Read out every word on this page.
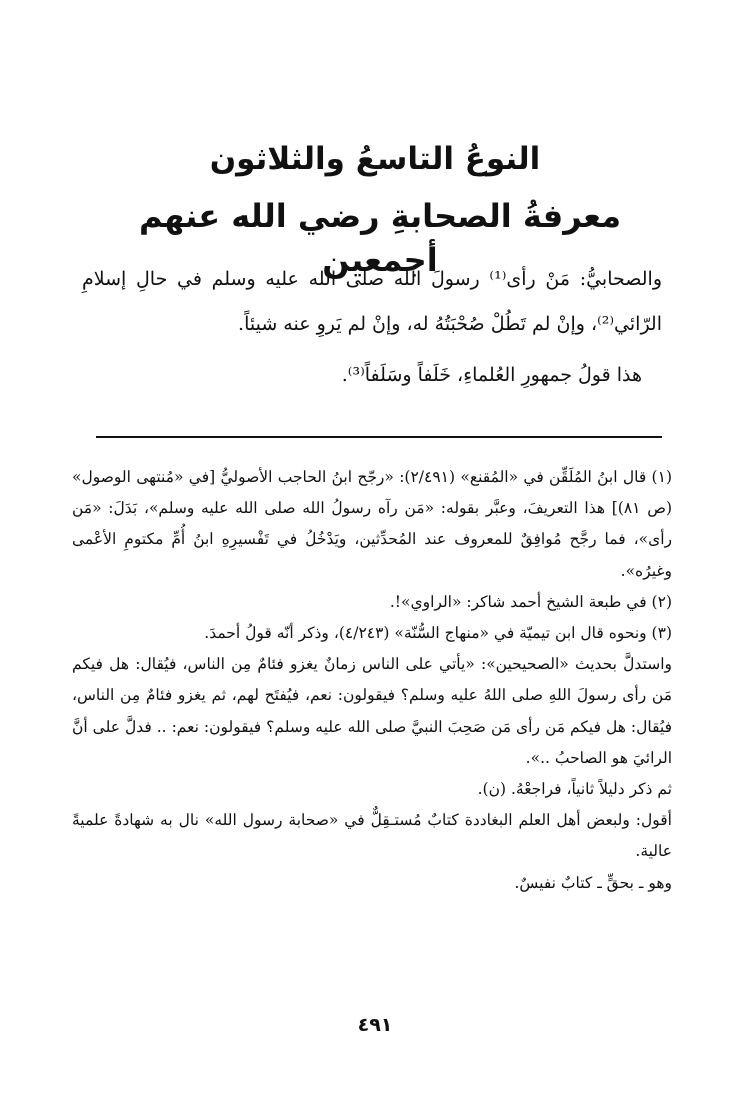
النوعُ التاسعُ والثلاثون
معرفةُ الصحابةِ رضي الله عنهم أجمعين

والصحابيُّ: مَنْ رأى⁽¹⁾ رسولَ الله صلى الله عليه وسلم في حالِ إسلامِ الرّائي⁽²⁾، وإنْ لم تَطُلْ صُحْبَتُهُ له، وإنْ لم يَروِ عنه شيئاً.

هذا قولُ جمهورِ العُلماءِ، خَلَفاً وسَلَفاً⁽³⁾.

(١) قال ابنُ المُلَقِّن في «المُقنع» (٢/٤٩١): «رجّح ابنُ الحاجب الأصوليُّ [في «مُنتهى الوصول» (ص ٨١)] هذا التعريفَ، وعبَّر بقوله: «مَن رآه رسولُ الله صلى الله عليه وسلم»، بَدَلَ: «مَن رأى»، فما رجَّح مُوافِقٌ للمعروف عند المُحدِّثين، ويَدْخُلُ في تَفْسيرِهِ ابنُ أُمِّ مكتومِ الأعْمى وغيرُه».

(٢) في طبعة الشيخ أحمد شاكر: «الراوي»!.

(٣) ونحوه قال ابن تيميّة في «منهاج السُّنّة» (٤/٢٤٣)، وذكر أنّه قولُ أحمدَ.

واستدلَّ بحديث «الصحيحين»: «يأتي على الناس زمانٌ يغزو فئامٌ مِن الناس، فيُقال: هل فيكم مَن رأى رسولَ اللهِ صلى اللهُ عليه وسلم؟ فيقولون: نعم، فيُفتَح لهم، ثم يغزو فئامٌ مِن الناس، فيُقال: هل فيكم مَن رأى مَن صَحِبَ النبيَّ صلى الله عليه وسلم؟ فيقولون: نعم: .. فدلَّ على أنَّ الرائيَ هو الصاحبُ ..».

ثم ذكر دليلاً ثانياً، فراجعْهُ. (ن).

أقول: ولبعض أهل العلم البغاددة كتابٌ مُستـقِلٌّ في «صحابة رسول الله» نال به شهادةً علميةً عالية.

وهو ـ بحقٍّ ـ كتابٌ نفيسٌ.

٤٩١
